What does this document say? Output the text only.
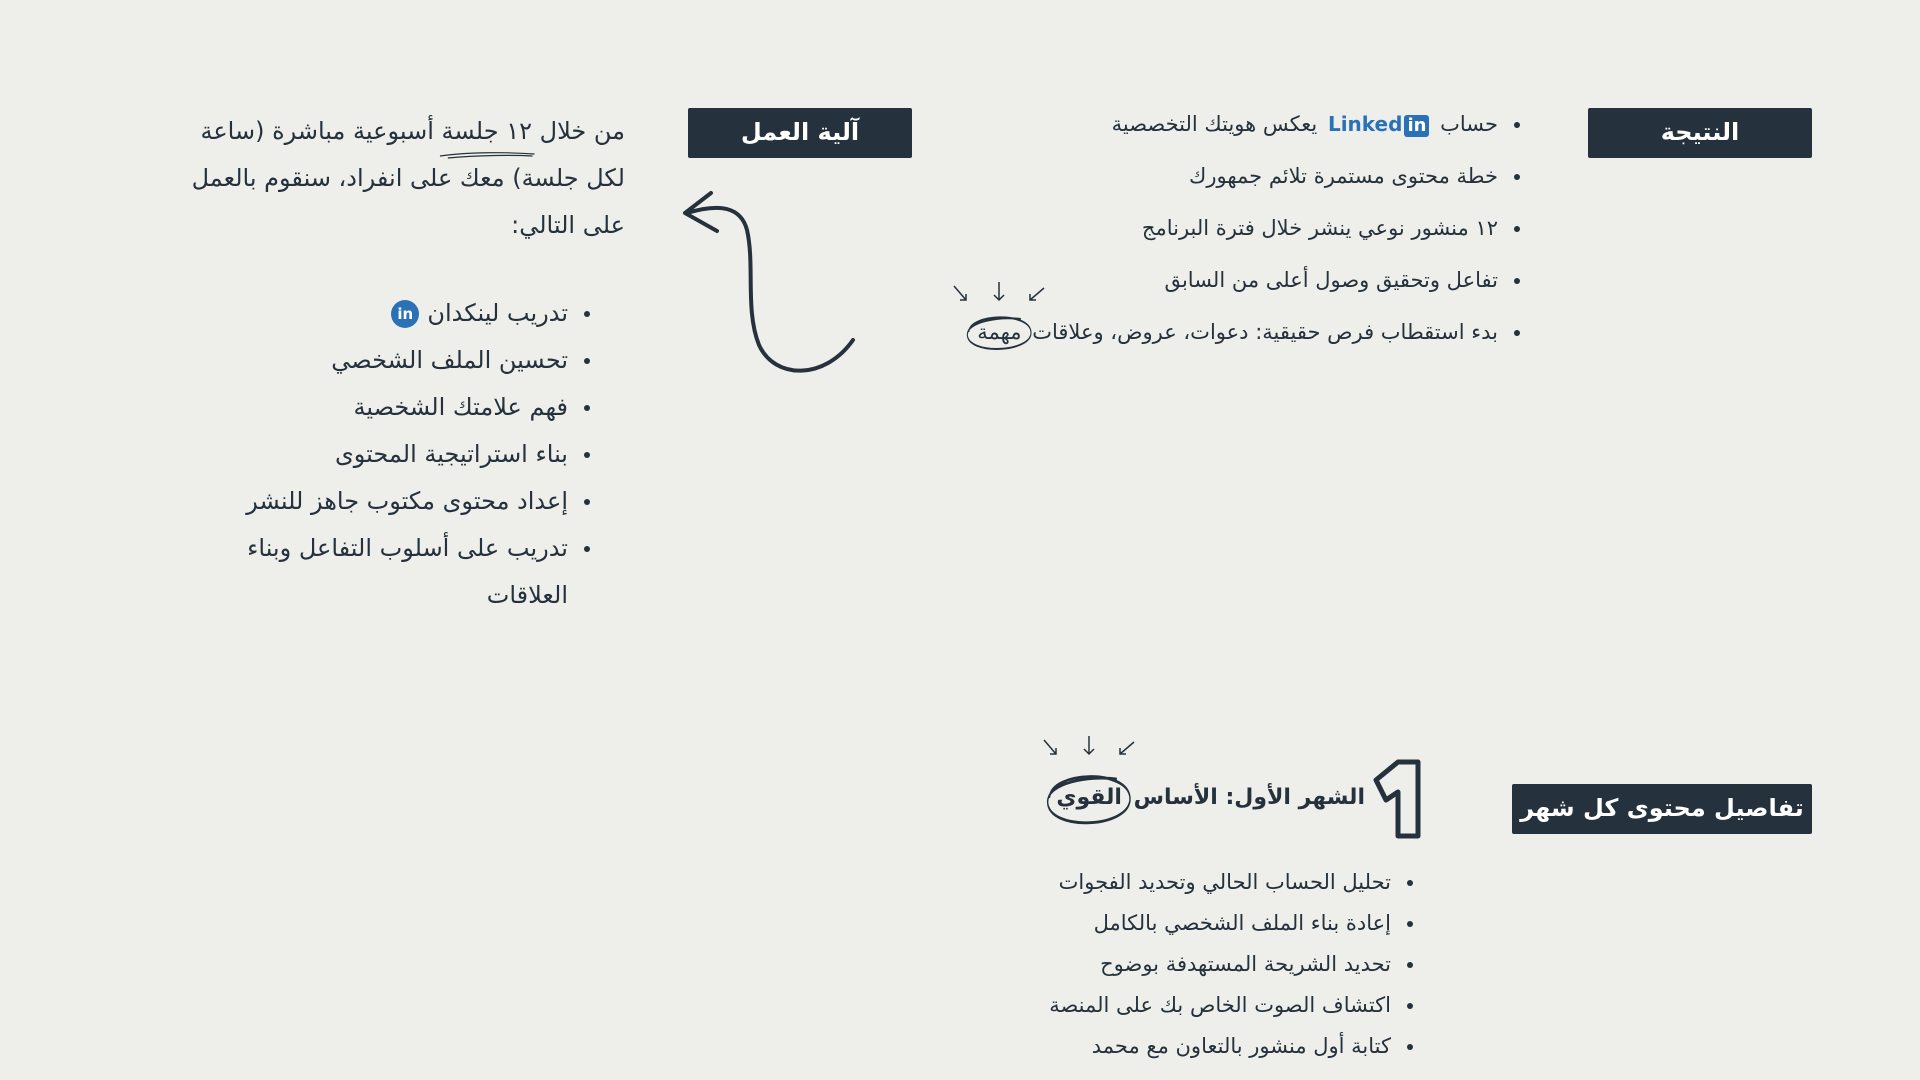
النتيجة
حساب Linked in يعكس هويتك التخصصية
خطة محتوى مستمرة تلائم جمهورك
١٢ منشور نوعي ينشر خلال فترة البرنامج
تفاعل وتحقيق وصول أعلى من السابق
بدء استقطاب فرص حقيقية: دعوات، عروض، وعلاقات
مهمة
آلية العمل

من خلال ١٢ جلسة
أسبوعية مباشرة (ساعة لكل جلسة) معك على انفراد، سنقوم بالعمل على التالي:

تدريب لينكدانin
تحسين الملف الشخصي
فهم علامتك الشخصية
بناء استراتيجية المحتوى
إعداد محتوى مكتوب جاهز للنشر
تدريب على أسلوب التفاعل وبناء العلاقات
تفاصيل محتوى كل شهر
الشهر الأول: الأساس
القوي
تحليل الحساب الحالي وتحديد الفجوات
إعادة بناء الملف الشخصي بالكامل
تحديد الشريحة المستهدفة بوضوح
اكتشاف الصوت الخاص بك على المنصة
كتابة أول منشور بالتعاون مع محمد
